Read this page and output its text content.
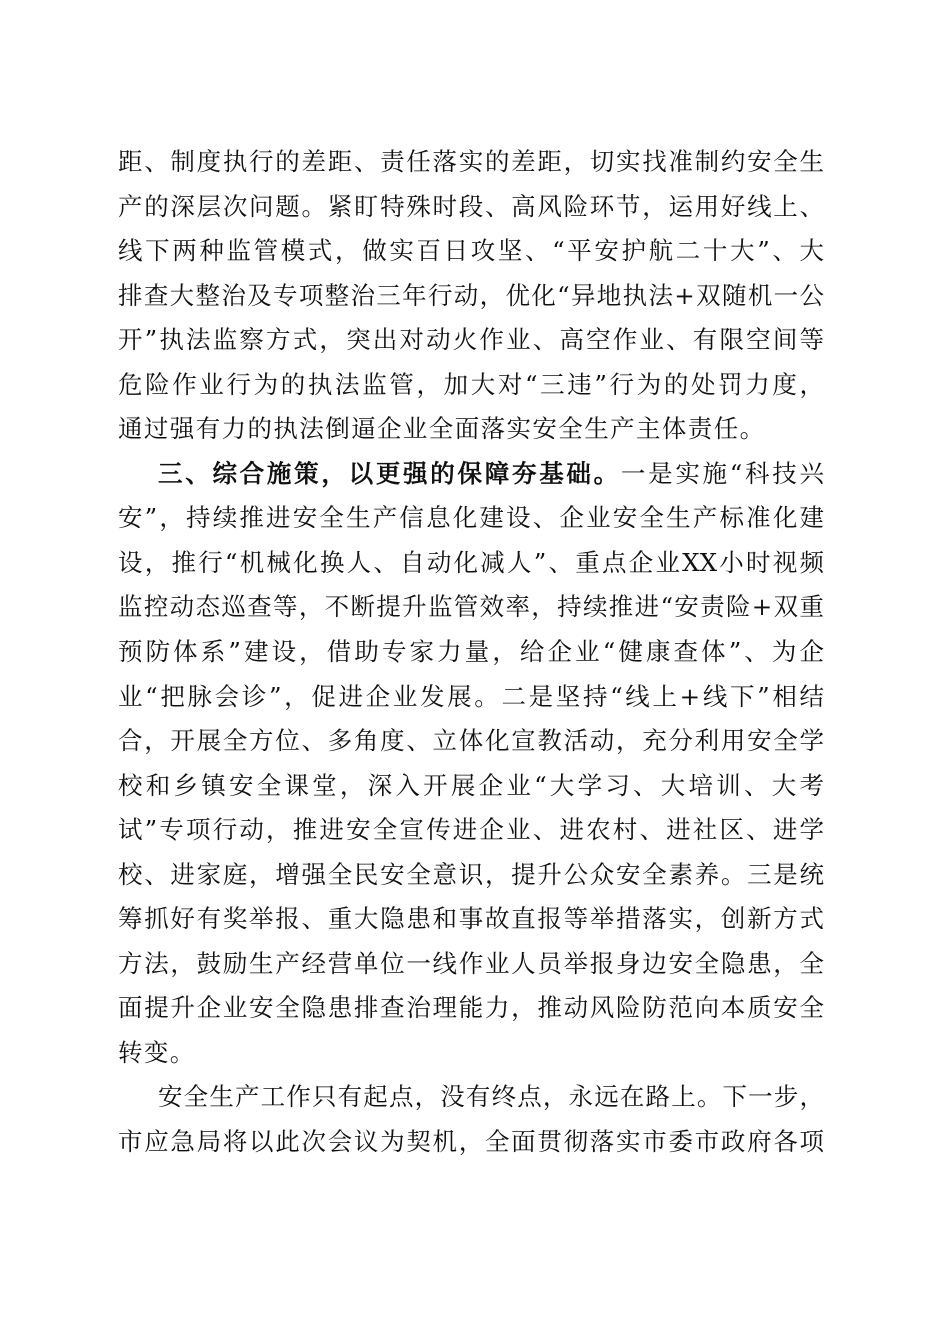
距、制度执行的差距、责任落实的差距，切实找准制约安全生
产的深层次问题。紧盯特殊时段、高风险环节，运用好线上、
线下两种监管模式，做实百日攻坚、“平安护航二十大”、大
排查大整治及专项整治三年行动，优化“异地执法+双随机一公
开”执法监察方式，突出对动火作业、高空作业、有限空间等
危险作业行为的执法监管，加大对“三违”行为的处罚力度，
通过强有力的执法倒逼企业全面落实安全生产主体责任。
三、综合施策，以更强的保障夯基础。一是实施“科技兴
安”，持续推进安全生产信息化建设、企业安全生产标准化建
设，推行“机械化换人、自动化减人”、重点企业XX小时视频
监控动态巡查等，不断提升监管效率，持续推进“安责险+双重
预防体系”建设，借助专家力量，给企业“健康查体”、为企
业“把脉会诊”，促进企业发展。二是坚持“线上+线下”相结
合，开展全方位、多角度、立体化宣教活动，充分利用安全学
校和乡镇安全课堂，深入开展企业“大学习、大培训、大考
试”专项行动，推进安全宣传进企业、进农村、进社区、进学
校、进家庭，增强全民安全意识，提升公众安全素养。三是统
筹抓好有奖举报、重大隐患和事故直报等举措落实，创新方式
方法，鼓励生产经营单位一线作业人员举报身边安全隐患，全
面提升企业安全隐患排查治理能力，推动风险防范向本质安全
转变。
安全生产工作只有起点，没有终点，永远在路上。下一步，
市应急局将以此次会议为契机，全面贯彻落实市委市政府各项
